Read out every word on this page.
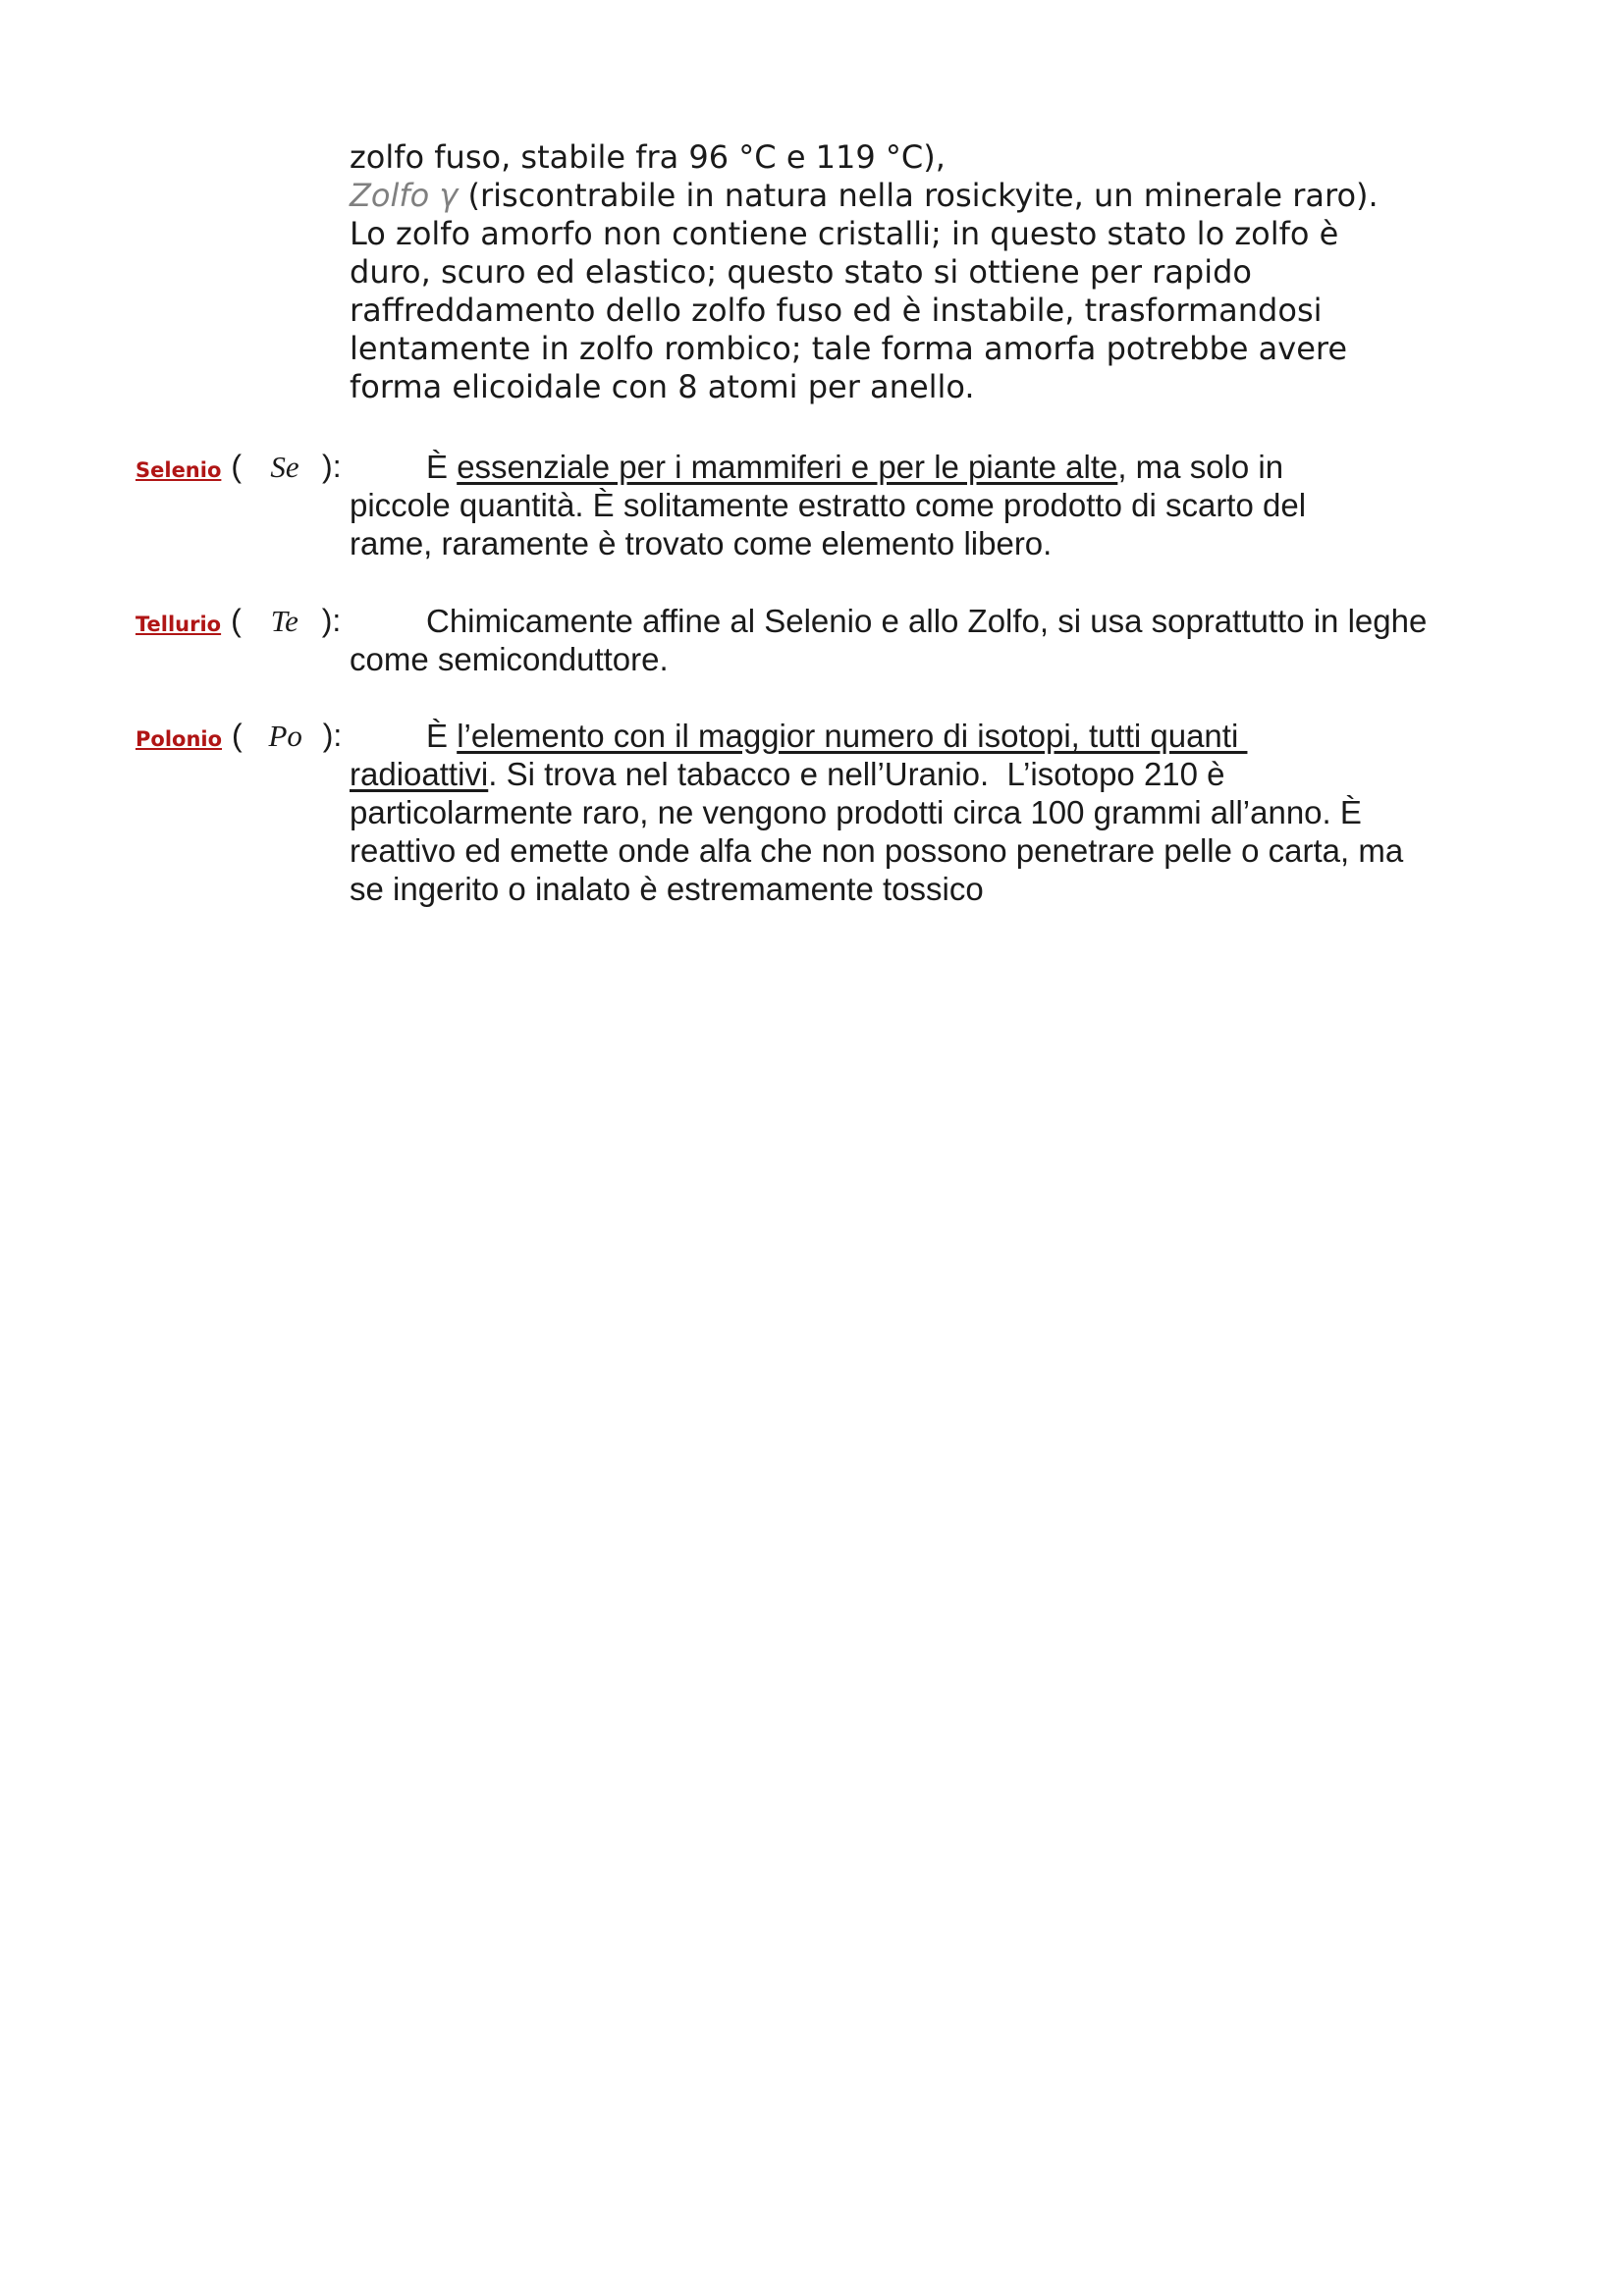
zolfo fuso, stabile fra 96 °C e 119 °C),
Zolfo γ (riscontrabile in natura nella rosickyite, un minerale raro).
Lo zolfo amorfo non contiene cristalli; in questo stato lo zolfo è
duro, scuro ed elastico; questo stato si ottiene per rapido
raffreddamento dello zolfo fuso ed è instabile, trasformandosi
lentamente in zolfo rombico; tale forma amorfa potrebbe avere
forma elicoidale con 8 atomi per anello.

Selenio ( Se ):	È essenziale per i mammiferi e per le piante alte, ma solo in
piccole quantità. È solitamente estratto come prodotto di scarto del
rame, raramente è trovato come elemento libero.

Tellurio ( Te ):	Chimicamente affine al Selenio e allo Zolfo, si usa soprattutto in leghe
come semiconduttore.

Polonio ( Po ):	È l’elemento con il maggior numero di isotopi, tutti quanti
radioattivi. Si trova nel tabacco e nell’Uranio.  L’isotopo 210 è
particolarmente raro, ne vengono prodotti circa 100 grammi all’anno. È
reattivo ed emette onde alfa che non possono penetrare pelle o carta, ma
se ingerito o inalato è estremamente tossico
